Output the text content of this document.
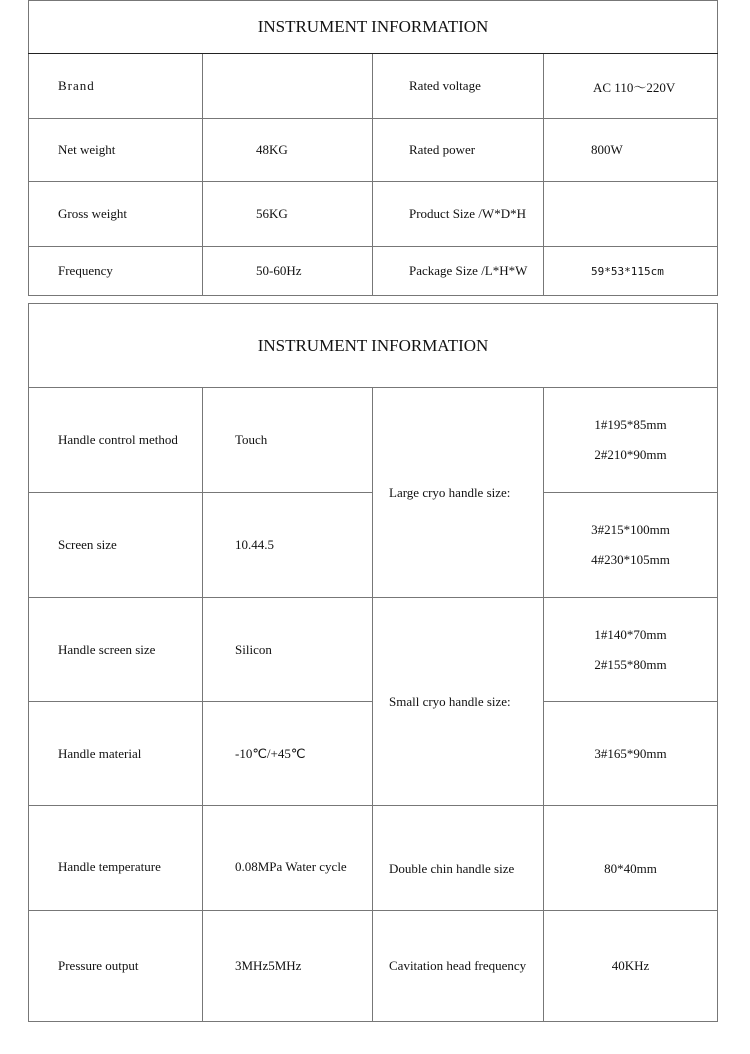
INSTRUMENT INFORMATION			
Brand		Rated voltage	AC 110～220V
Net weight	48KG	Rated power	800W
Gross weight	56KG	Product Size /W*D*H	
Frequency	50-60Hz	Package Size /L*H*W	59*53*115cm
INSTRUMENT INFORMATION			
Handle control method	Touch	Large cryo handle size:	1#195*85mm
2#210*90mm

Screen size	10.44.5		3#215*100mm
4#230*105mm

Handle screen size	Silicon	Small cryo handle size:	1#140*70mm
2#155*80mm

Handle material	-10℃/+45℃		3#165*90mm
Handle temperature	0.08MPa Water cycle	Double chin handle size	80*40mm
Pressure output	3MHz5MHz	Cavitation head frequency	40KHz
